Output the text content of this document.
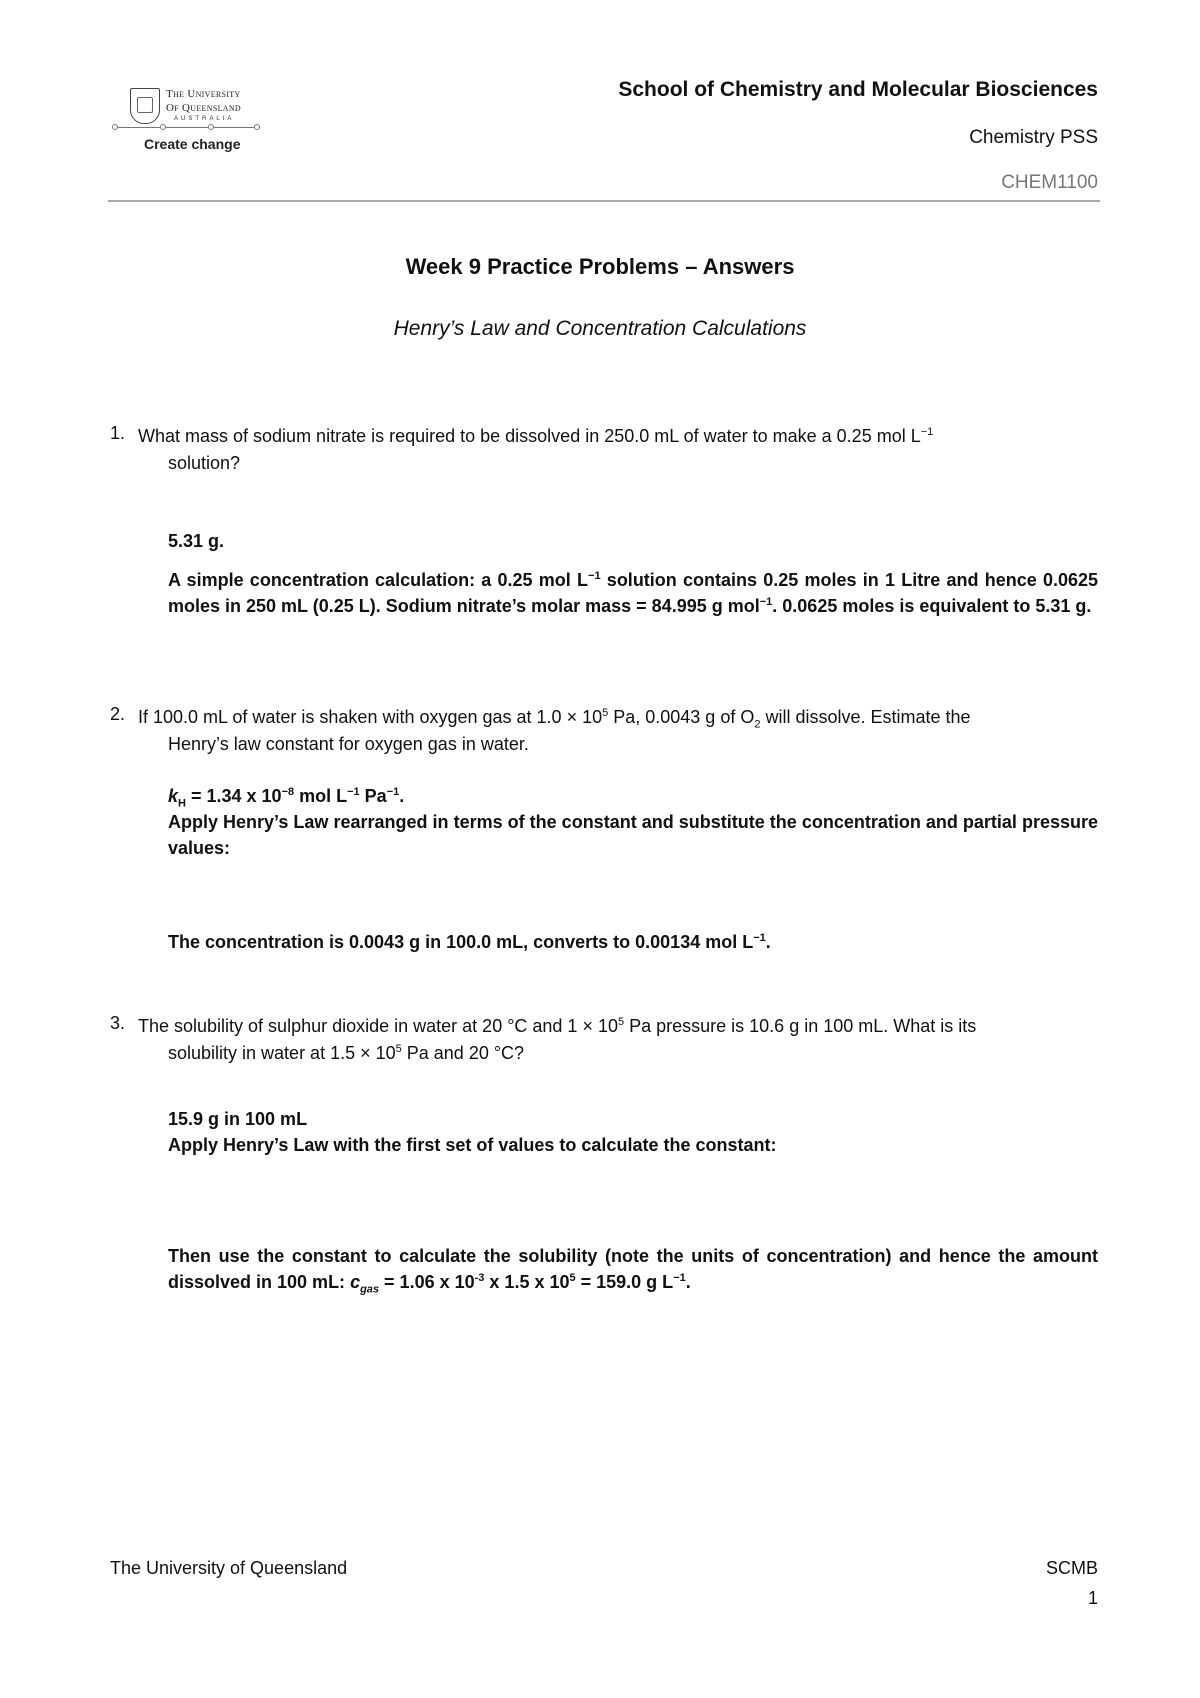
The University
Of Queensland
AUSTRALIA
Create change
School of Chemistry and Molecular Biosciences
Chemistry PSS
CHEM1100
Week 9 Practice Problems – Answers
Henry’s Law and Concentration Calculations
1. What mass of sodium nitrate is required to be dissolved in 250.0 mL of water to make a 0.25 mol $L^{-1}$
solution?
5.31 g.
A simple concentration calculation: a 0.25 mol $L^{-1}$ solution contains 0.25 moles in 1 Litre and hence 0.0625 moles in 250 mL (0.25 L). Sodium nitrate’s molar mass = 84.995 g mol$^{-1}$. 0.0625 moles is equivalent to 5.31 g.
2. If 100.0 mL of water is shaken with oxygen gas at $1.0 \times 10^5$ Pa, 0.0043 g of $O_2$ will dissolve. Estimate the
Henry’s law constant for oxygen gas in water.
$k_H = 1.34$ x $10^{-8}$ mol $L^{-1}$ $Pa^{-1}$.
Apply Henry’s Law rearranged in terms of the constant and substitute the concentration and partial pressure values:
The concentration is 0.0043 g in 100.0 mL, converts to 0.00134 mol $L^{-1}$.
3. The solubility of sulphur dioxide in water at 20 °C and $1 \times 10^5$ Pa pressure is 10.6 g in 100 mL. What is its
solubility in water at $1.5 \times 10^5$ Pa and 20 °C?
15.9 g in 100 mL
Apply Henry’s Law with the first set of values to calculate the constant:
Then use the constant to calculate the solubility (note the units of concentration) and hence the amount dissolved in 100 mL: $c_{gas} = 1.06$ x $10^{-3}$ x 1.5 x $10^5 = 159.0$ g $L^{-1}$.
The University of Queensland	SCMB
1
